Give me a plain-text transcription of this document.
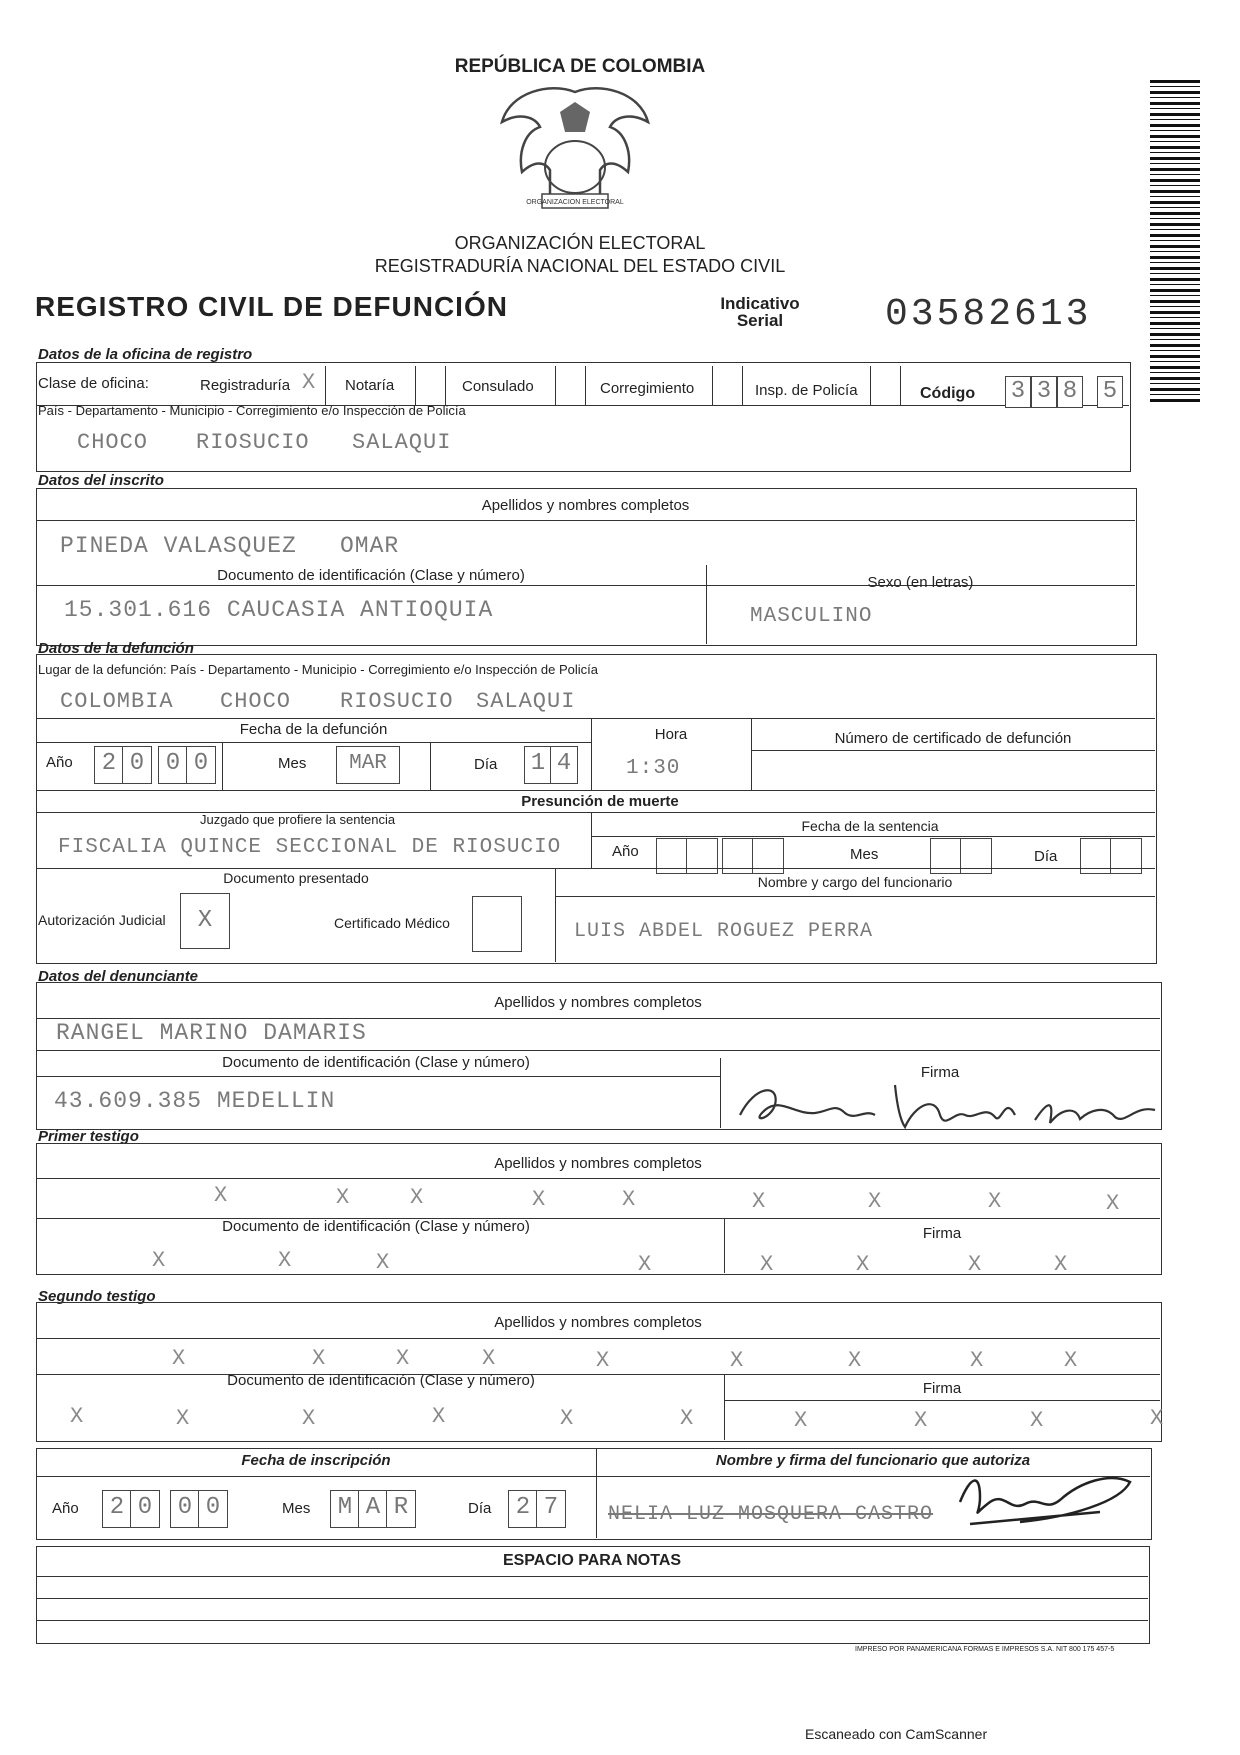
REPÚBLICA DE COLOMBIA
ORGANIZACION ELECTORAL
ORGANIZACIÓN ELECTORAL
REGISTRADURÍA NACIONAL DEL ESTADO CIVIL
REGISTRO CIVIL DE DEFUNCIÓN	Indicativo
Serial	03582613
Datos de la oficina de registro
Clase de oficina:	Registraduría X Notaría	Consulado	Corregimiento	Insp. de Policía	Código 3 3 8 5
País - Departamento - Municipio - Corregimiento e/o Inspección de Policía
CHOCO RIOSUCIO SALAQUI
Datos del inscrito
Apellidos y nombres completos
PINEDA VALASQUEZ OMAR
Documento de identificación (Clase y número)	Sexo (en letras)
15.301.616 CAUCASIA ANTIOQUIA	MASCULINO
Datos de la defunción
Lugar de la defunción: País - Departamento - Municipio - Corregimiento e/o Inspección de Policía
COLOMBIA CHOCO RIOSUCIO SALAQUI
Fecha de la defunción	Hora	Número de certificado de defunción
Año	2 0 0 0	Mes	MAR	Día 1 4	1:30
Presunción de muerte
Juzgado que profiere la sentencia
FISCALIA QUINCE SECCIONAL DE RIOSUCIO
Fecha de la sentencia
Año	Mes	Día
Documento presentado	Nombre y cargo del funcionario
Autorización Judicial	X	Certificado Médico	LUIS ABDEL ROGUEZ PERRA
Datos del denunciante
Apellidos y nombres completos
RANGEL MARINO DAMARIS
Documento de identificación (Clase y número)
Firma
43.609.385 MEDELLIN
Primer testigo
Apellidos y nombres completos
X	X	X	X	X	X	X	X	X
Documento de identificación (Clase y número)	Firma
X	X	X	X	X	X	X	X
Segundo testigo
Apellidos y nombres completos
X	X	X	X	X	X	X	X	X
Documento de identificación (Clase y número)	Firma
X	X	X	X	X	X	X	X	X	X
Fecha de inscripción	Nombre y firma del funcionario que autoriza
Año	2 0	0 0	Mes	M A R	Día	2 7	NELIA LUZ MOSQUERA CASTRO
ESPACIO PARA NOTAS
IMPRESO POR PANAMERICANA FORMAS E IMPRESOS S.A. NIT 800 175 457-5
Escaneado con CamScanner
